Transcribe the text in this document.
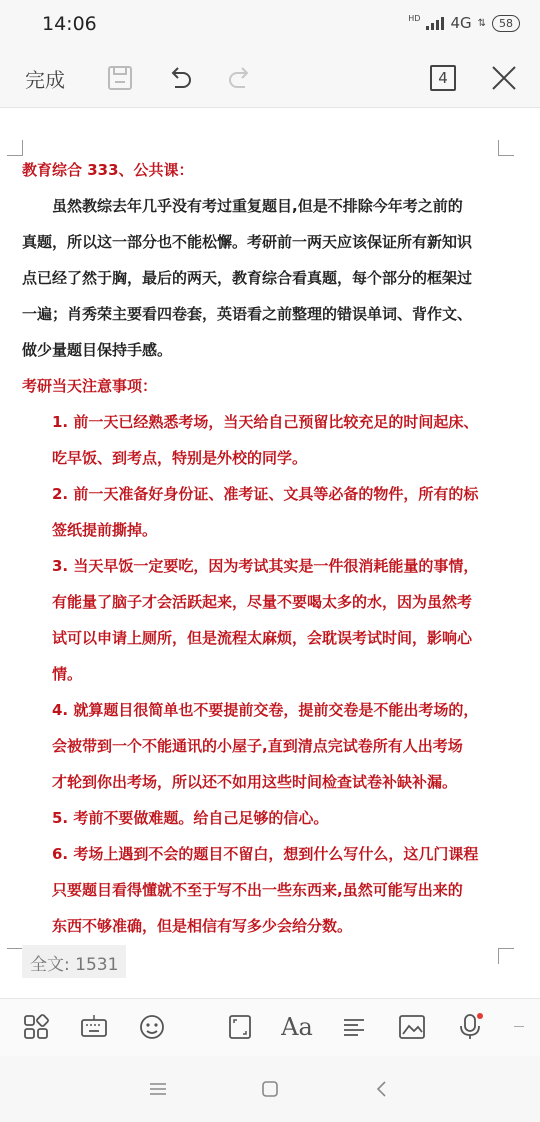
14:06	HD 4G ⇅	58
完成	4
教育综合 333、公共课：
虽然教综去年几乎没有考过重复题目,但是不排除今年考之前的
真题，所以这一部分也不能松懈。考研前一两天应该保证所有新知识
点已经了然于胸，最后的两天，教育综合看真题，每个部分的框架过
一遍；肖秀荣主要看四卷套，英语看之前整理的错误单词、背作文、
做少量题目保持手感。
考研当天注意事项：
1. 前一天已经熟悉考场，当天给自己预留比较充足的时间起床、
吃早饭、到考点，特别是外校的同学。
2. 前一天准备好身份证、准考证、文具等必备的物件，所有的标
签纸提前撕掉。
3. 当天早饭一定要吃，因为考试其实是一件很消耗能量的事情，
有能量了脑子才会活跃起来，尽量不要喝太多的水，因为虽然考
试可以申请上厕所，但是流程太麻烦，会耽误考试时间，影响心
情。
4. 就算题目很简单也不要提前交卷，提前交卷是不能出考场的，
会被带到一个不能通讯的小屋子,直到清点完试卷所有人出考场
才轮到你出考场，所以还不如用这些时间检查试卷补缺补漏。
5. 考前不要做难题。给自己足够的信心。
6. 考场上遇到不会的题目不留白，想到什么写什么，这几门课程
只要题目看得懂就不至于写不出一些东西来,虽然可能写出来的
东西不够准确，但是相信有写多少会给分数。
全文: 1531
Aa
